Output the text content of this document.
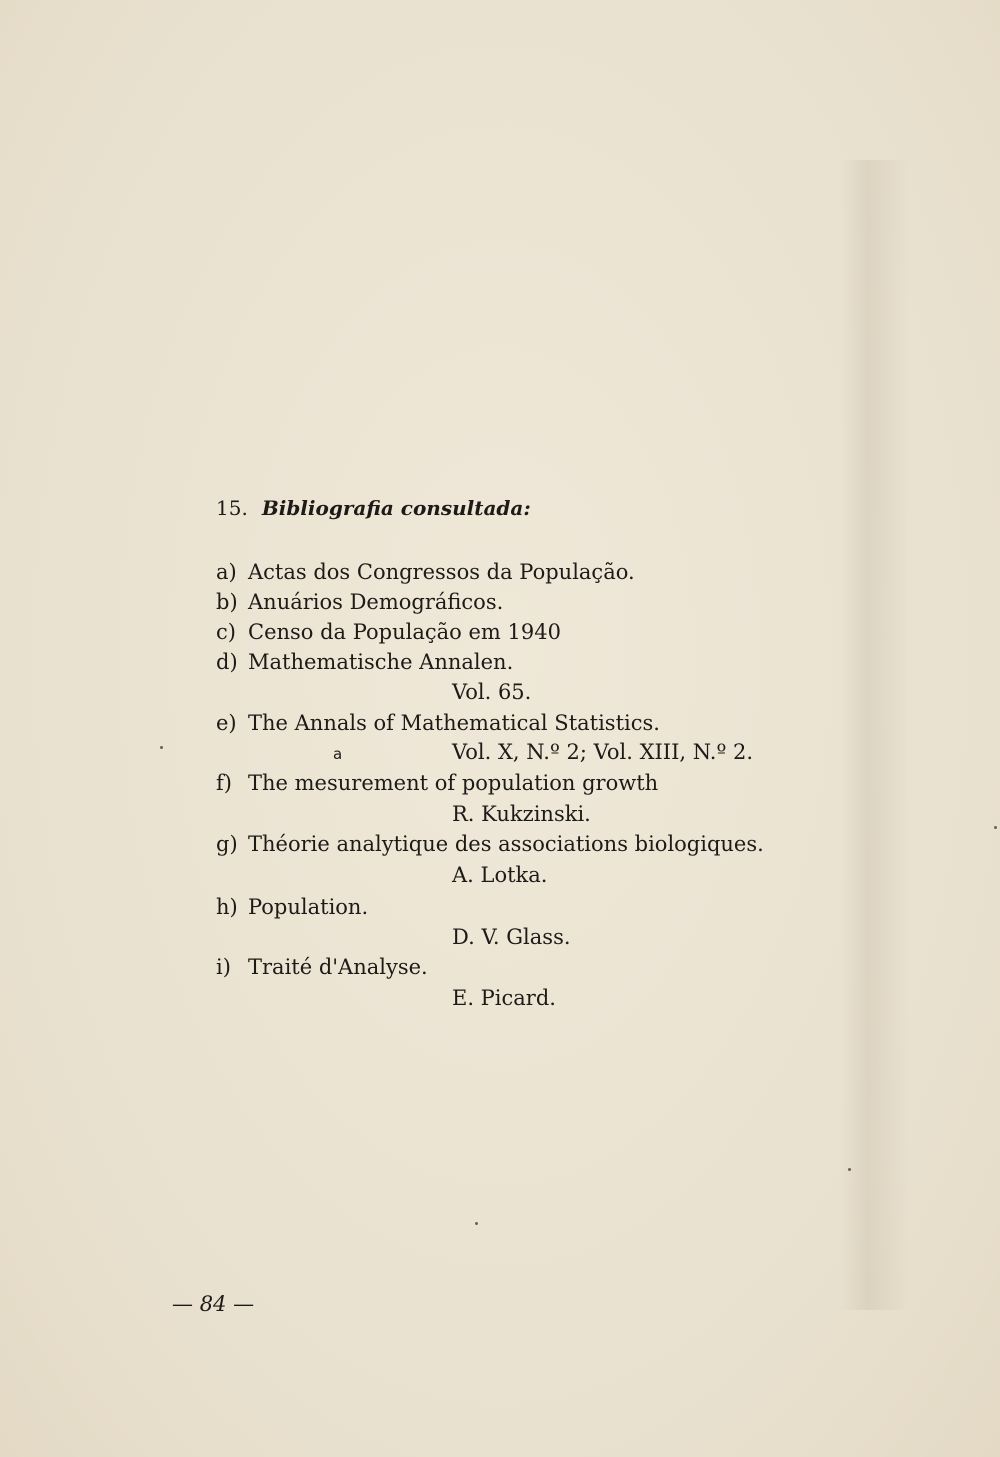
15. Bibliografia consultada:
a) Actas dos Congressos da População.
b) Anuários Demográficos.
c) Censo da População em 1940
d) Mathematische Annalen.
Vol. 65.
e) The Annals of Mathematical Statistics.
Vol. X, N.º 2; Vol. XIII, N.º 2.
a
f) The mesurement of population growth
R. Kukzinski.
g) Théorie analytique des associations biologiques.
A. Lotka.
h) Population.
D. V. Glass.
i) Traité d'Analyse.
E. Picard.
— 84 —
